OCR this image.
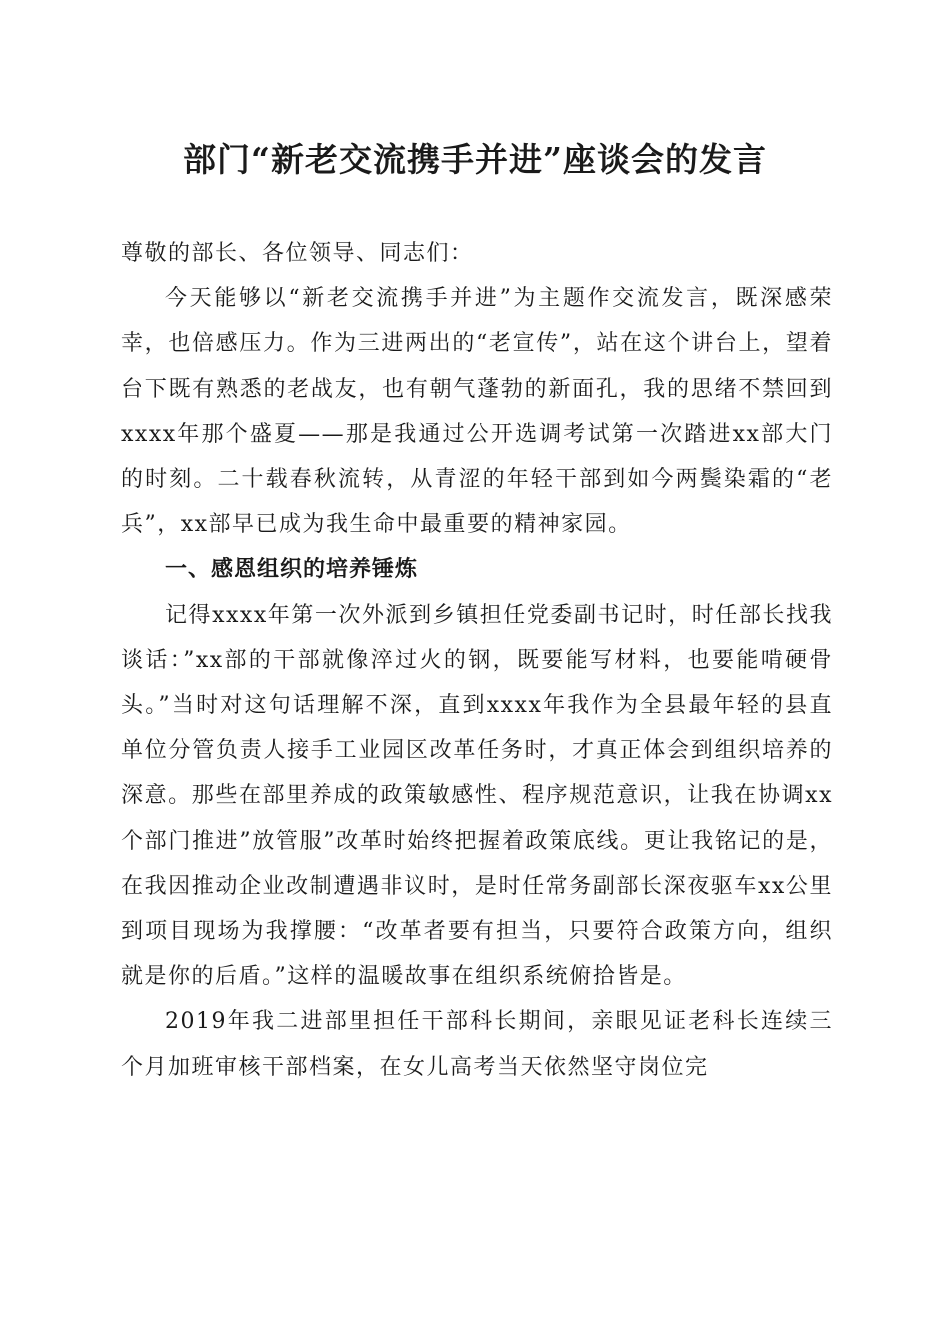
部门“新老交流携手并进”座谈会的发言

尊敬的部长、各位领导、同志们：

今天能够以“新老交流携手并进”为主题作交流发言，既深感荣幸，也倍感压力。作为三进两出的“老宣传”，站在这个讲台上，望着台下既有熟悉的老战友，也有朝气蓬勃的新面孔，我的思绪不禁回到xxxx年那个盛夏——那是我通过公开选调考试第一次踏进xx部大门的时刻。二十载春秋流转，从青涩的年轻干部到如今两鬓染霜的“老兵”，xx部早已成为我生命中最重要的精神家园。

一、感恩组织的培养锤炼

记得xxxx年第一次外派到乡镇担任党委副书记时，时任部长找我谈话：”xx部的干部就像淬过火的钢，既要能写材料，也要能啃硬骨头。”当时对这句话理解不深，直到xxxx年我作为全县最年轻的县直单位分管负责人接手工业园区改革任务时，才真正体会到组织培养的深意。那些在部里养成的政策敏感性、程序规范意识，让我在协调xx个部门推进”放管服”改革时始终把握着政策底线。更让我铭记的是，在我因推动企业改制遭遇非议时，是时任常务副部长深夜驱车xx公里到项目现场为我撑腰：“改革者要有担当，只要符合政策方向，组织就是你的后盾。”这样的温暖故事在组织系统俯拾皆是。

2019年我二进部里担任干部科长期间，亲眼见证老科长连续三个月加班审核干部档案，在女儿高考当天依然坚守岗位完
